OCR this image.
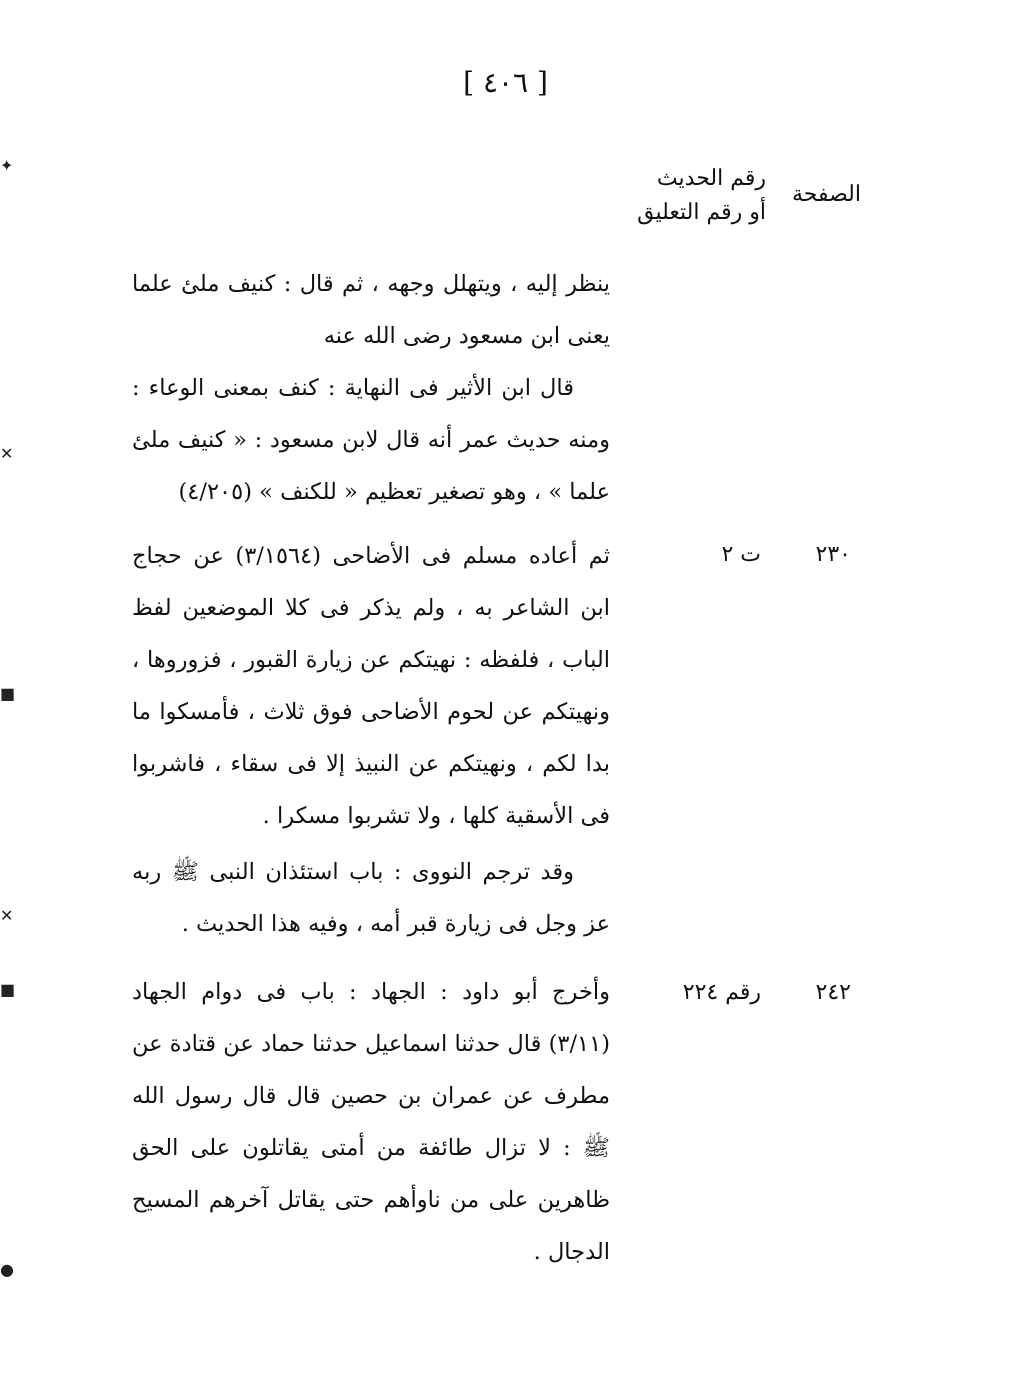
[ ٤٠٦ ]
الصفحة
رقم الحديث
أو رقم التعليق
ينظر إليه ، ويتهلل وجهه ، ثم قال : كنيف ملئ علما يعنى ابن مسعود رضى الله عنه
قال ابن الأثير فى النهاية : كنف بمعنى الوعاء : ومنه حديث عمر أنه قال لابن مسعود : « كنيف ملئ علما » ، وهو تصغير تعظيم « للكنف » (٤/٢٠٥)
٢٣٠
ت ٢
ثم أعاده مسلم فى الأضاحى (٣/١٥٦٤) عن حجاج ابن الشاعر به ، ولم يذكر فى كلا الموضعين لفظ الباب ، فلفظه : نهيتكم عن زيارة القبور ، فزوروها ، ونهيتكم عن لحوم الأضاحى فوق ثلاث ، فأمسكوا ما بدا لكم ، ونهيتكم عن النبيذ إلا فى سقاء ، فاشربوا فى الأسقية كلها ، ولا تشربوا مسكرا .
وقد ترجم النووى : باب استئذان النبى ﷺ ربه عز وجل فى زيارة قبر أمه ، وفيه هذا الحديث .
٢٤٢
رقم ٢٢٤
وأخرج أبو داود : الجهاد : باب فى دوام الجهاد (٣/١١) قال حدثنا اسماعيل حدثنا حماد عن قتادة عن مطرف عن عمران بن حصين قال قال رسول الله ﷺ : لا تزال طائفة من أمتى يقاتلون على الحق ظاهرين على من ناوأهم حتى يقاتل آخرهم المسيح الدجال .
✦
✕
■
✕
■
●
